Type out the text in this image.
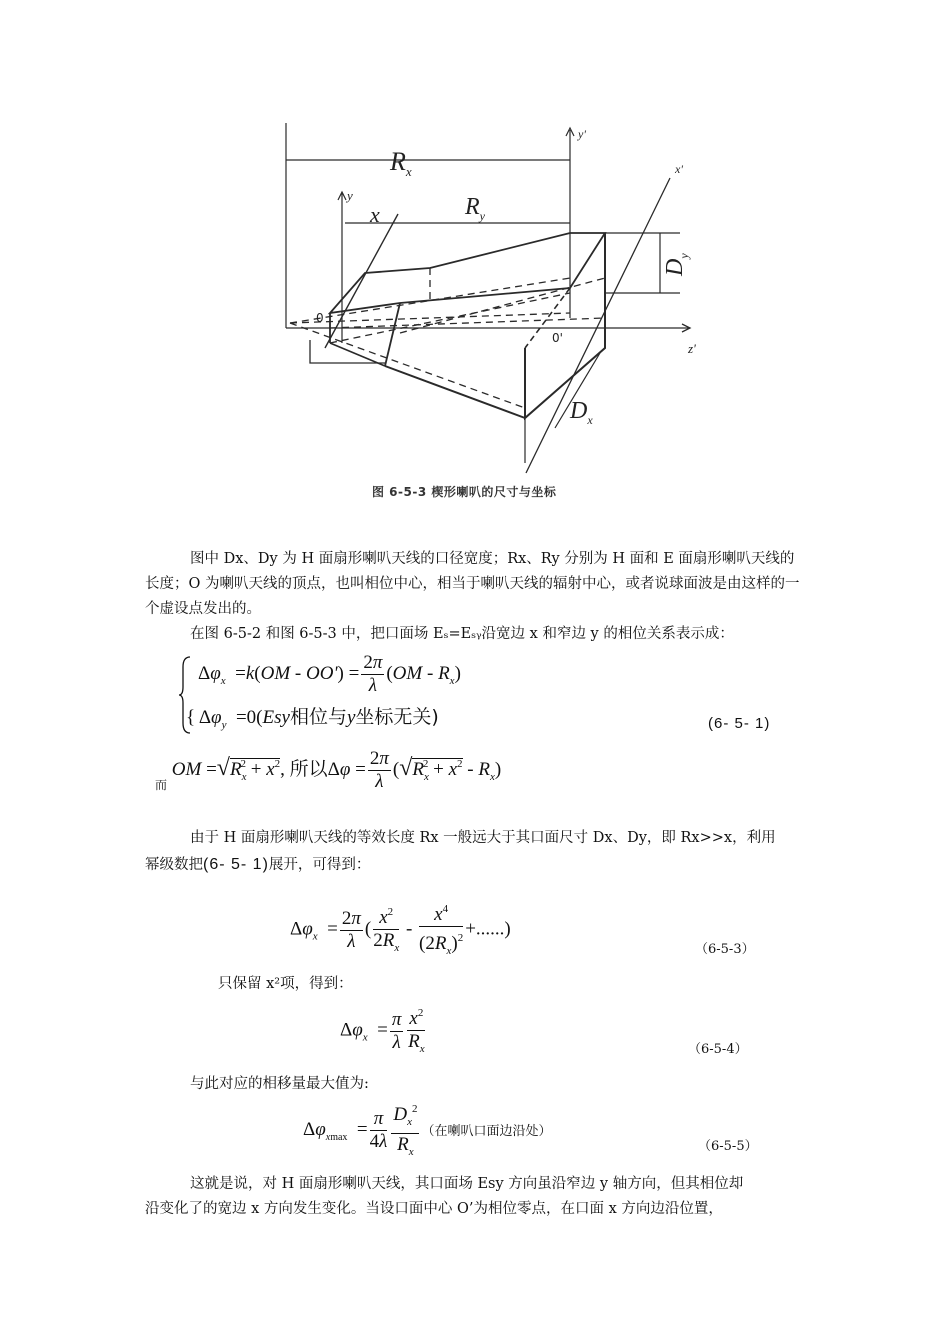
$R_x$
$R_y$
x
y
y'
x'
z'
$D_y$
$D_x$
0
0'
图 6-5-3 楔形喇叭的尺寸与坐标
图中 Dx、Dy 为 H 面扇形喇叭天线的口径宽度；Rx、Ry 分别为 H 面和 E 面扇形喇叭天线的长度；O 为喇叭天线的顶点，也叫相位中心，相当于喇叭天线的辐射中心，或者说球面波是由这样的一个虚设点发出的。
在图 6-5-2 和图 6-5-3 中，把口面场 Eₛ=Eₛᵧ沿宽边 x 和窄边 y 的相位关系表示成：
$\Delta\varphi_x =k(OM - OO') = \frac{2\pi}{\lambda} (OM - R_x)$
{ $\Delta\varphi_y =0(Esy$相位与y坐标无关)	(6- 5- 1)
$_而$ OM $=√R_x^2 + x^2$, 所以$\Delta\varphi = \frac{2\pi}{\lambda} (√R_x^2 + x^2 - R_x)$
由于 H 面扇形喇叭天线的等效长度 Rx 一般远大于其口面尺寸 Dx、Dy，即 Rx>>x，利用
幂级数把(6- 5- 1)展开，可得到：
$\Delta\varphi_x = \frac{2\pi}{\lambda}$ ( $\frac{x^2}{2R_x} - \frac{x^4}{(2R_x)^2}$ +......)
（6-5-3）
只保留 x²项，得到：
$\Delta\varphi_x = \frac{\pi}{\lambda} \frac{x^2}{R_x}$	（6-5-4）
与此对应的相移量最大值为:
$\Delta\varphi_{xmax} = \frac{\pi}{4\lambda} \frac{D_x^2}{R_x}$ （在喇叭口面边沿处）
（6-5-5）
这就是说，对 H 面扇形喇叭天线，其口面场 Esy 方向虽沿窄边 y 轴方向，但其相位却
沿变化了的宽边 x 方向发生变化。当设口面中心 O’为相位零点，在口面 x 方向边沿位置，
